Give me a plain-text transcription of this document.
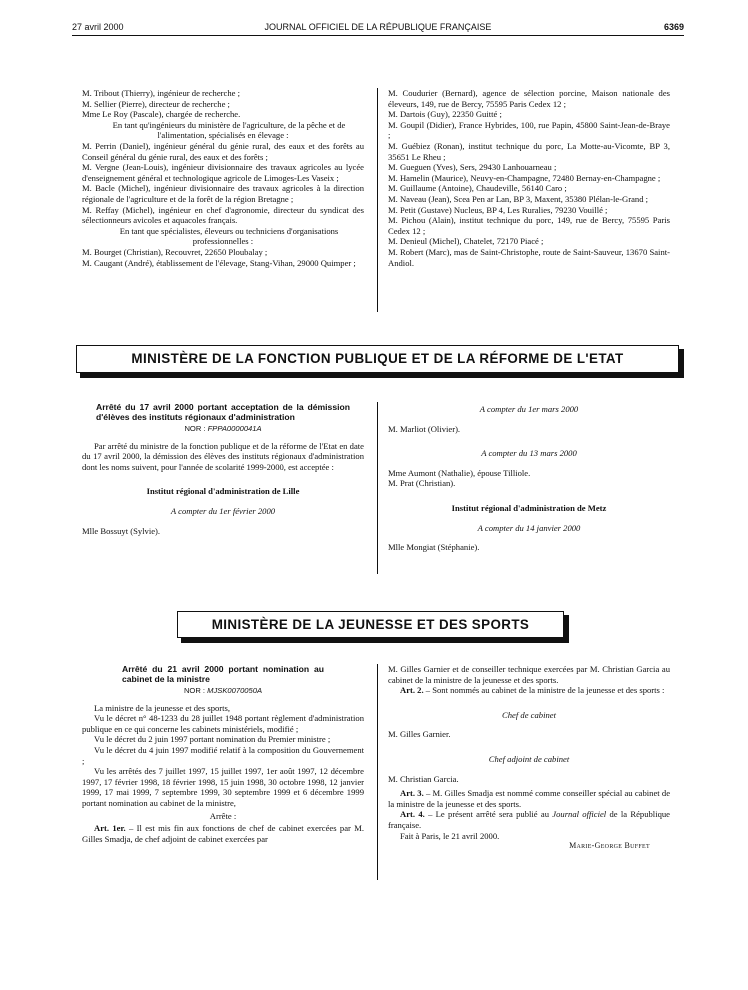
27 avril 2000	JOURNAL OFFICIEL DE LA RÉPUBLIQUE FRANÇAISE	6369

M. Tribout (Thierry), ingénieur de recherche ;

M. Sellier (Pierre), directeur de recherche ;

Mme Le Roy (Pascale), chargée de recherche.

En tant qu'ingénieurs du ministère de l'agriculture, de la pêche et de l'alimentation, spécialisés en élevage :

M. Perrin (Daniel), ingénieur général du génie rural, des eaux et des forêts au Conseil général du génie rural, des eaux et des forêts ;

M. Vergne (Jean-Louis), ingénieur divisionnaire des travaux agricoles au lycée d'enseignement général et technologique agricole de Limoges-Les Vaseix ;

M. Bacle (Michel), ingénieur divisionnaire des travaux agricoles à la direction régionale de l'agriculture et de la forêt de la région Bretagne ;

M. Reffay (Michel), ingénieur en chef d'agronomie, directeur du syndicat des sélectionneurs avicoles et aquacoles français.

En tant que spécialistes, éleveurs ou techniciens d'organisations professionnelles :

M. Bourget (Christian), Recouvret, 22650 Ploubalay ;

M. Caugant (André), établissement de l'élevage, Stang-Vihan, 29000 Quimper ;

M. Coudurier (Bernard), agence de sélection porcine, Maison nationale des éleveurs, 149, rue de Bercy, 75595 Paris Cedex 12 ;

M. Dartois (Guy), 22350 Guitté ;

M. Goupil (Didier), France Hybrides, 100, rue Papin, 45800 Saint-Jean-de-Braye ;

M. Guébiez (Ronan), institut technique du porc, La Motte-au-Vicomte, BP 3, 35651 Le Rheu ;

M. Gueguen (Yves), Sers, 29430 Lanhouarneau ;

M. Hamelin (Maurice), Neuvy-en-Champagne, 72480 Bernay-en-Champagne ;

M. Guillaume (Antoine), Chaudeville, 56140 Caro ;

M. Naveau (Jean), Scea Pen ar Lan, BP 3, Maxent, 35380 Plélan-le-Grand ;

M. Petit (Gustave) Nucleus, BP 4, Les Ruralies, 79230 Vouillé ;

M. Pichou (Alain), institut technique du porc, 149, rue de Bercy, 75595 Paris Cedex 12 ;

M. Denieul (Michel), Chatelet, 72170 Piacé ;

M. Robert (Marc), mas de Saint-Christophe, route de Saint-Sauveur, 13670 Saint-Andiol.

MINISTÈRE DE LA FONCTION PUBLIQUE ET DE LA RÉFORME DE L'ETAT

Arrêté du 17 avril 2000 portant acceptation de la démission d'élèves des instituts régionaux d'administration

NOR : FPPA0000041A

Par arrêté du ministre de la fonction publique et de la réforme de l'Etat en date du 17 avril 2000, la démission des élèves des instituts régionaux d'administration dont les noms suivent, pour l'année de scolarité 1999-2000, est acceptée :

Institut régional d'administration de Lille

A compter du 1er février 2000

Mlle Bossuyt (Sylvie).

A compter du 1er mars 2000

M. Marliot (Olivier).

A compter du 13 mars 2000

Mme Aumont (Nathalie), épouse Tilliole.

M. Prat (Christian).

Institut régional d'administration de Metz

A compter du 14 janvier 2000

Mlle Mongiat (Stéphanie).

MINISTÈRE DE LA JEUNESSE ET DES SPORTS

Arrêté du 21 avril 2000 portant nomination au cabinet de la ministre

NOR : MJSK0070050A

La ministre de la jeunesse et des sports,

Vu le décret n° 48-1233 du 28 juillet 1948 portant règlement d'administration publique en ce qui concerne les cabinets ministériels, modifié ;

Vu le décret du 2 juin 1997 portant nomination du Premier ministre ;

Vu le décret du 4 juin 1997 modifié relatif à la composition du Gouvernement ;

Vu les arrêtés des 7 juillet 1997, 15 juillet 1997, 1er août 1997, 12 décembre 1997, 17 février 1998, 18 février 1998, 15 juin 1998, 30 octobre 1998, 12 janvier 1999, 17 mai 1999, 7 septembre 1999, 30 septembre 1999 et 6 décembre 1999 portant nomination au cabinet de la ministre,

Arrête :

Art. 1er. – Il est mis fin aux fonctions de chef de cabinet exercées par M. Gilles Smadja, de chef adjoint de cabinet exercées par

M. Gilles Garnier et de conseiller technique exercées par M. Christian Garcia au cabinet de la ministre de la jeunesse et des sports.

Art. 2. – Sont nommés au cabinet de la ministre de la jeunesse et des sports :

Chef de cabinet

M. Gilles Garnier.

Chef adjoint de cabinet

M. Christian Garcia.

Art. 3. – M. Gilles Smadja est nommé comme conseiller spécial au cabinet de la ministre de la jeunesse et des sports.

Art. 4. – Le présent arrêté sera publié au Journal officiel de la République française.

Fait à Paris, le 21 avril 2000.

Marie-George Buffet
